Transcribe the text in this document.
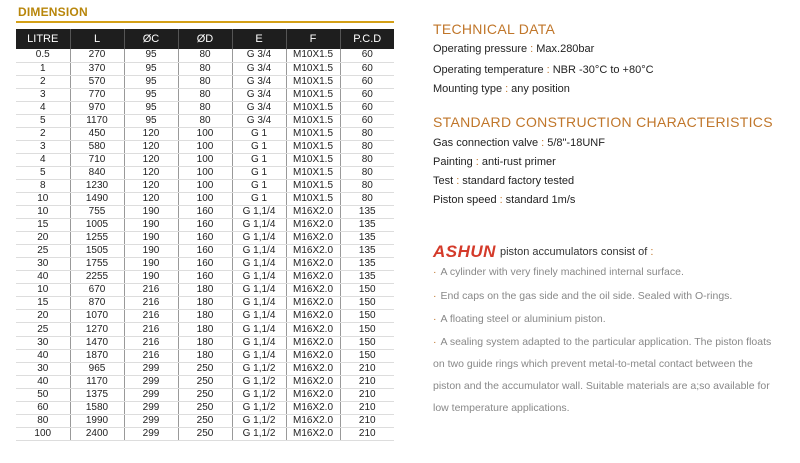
DIMENSION
LITRE	L	ØC	ØD	E	F	P.C.D
0.5	270	95	80	G 3/4	M10X1.5	60
1	370	95	80	G 3/4	M10X1.5	60
2	570	95	80	G 3/4	M10X1.5	60
3	770	95	80	G 3/4	M10X1.5	60
4	970	95	80	G 3/4	M10X1.5	60
5	1170	95	80	G 3/4	M10X1.5	60
2	450	120	100	G 1	M10X1.5	80
3	580	120	100	G 1	M10X1.5	80
4	710	120	100	G 1	M10X1.5	80
5	840	120	100	G 1	M10X1.5	80
8	1230	120	100	G 1	M10X1.5	80
10	1490	120	100	G 1	M10X1.5	80
10	755	190	160	G 1,1/4	M16X2.0	135
15	1005	190	160	G 1,1/4	M16X2.0	135
20	1255	190	160	G 1,1/4	M16X2.0	135
25	1505	190	160	G 1,1/4	M16X2.0	135
30	1755	190	160	G 1,1/4	M16X2.0	135
40	2255	190	160	G 1,1/4	M16X2.0	135
10	670	216	180	G 1,1/4	M16X2.0	150
15	870	216	180	G 1,1/4	M16X2.0	150
20	1070	216	180	G 1,1/4	M16X2.0	150
25	1270	216	180	G 1,1/4	M16X2.0	150
30	1470	216	180	G 1,1/4	M16X2.0	150
40	1870	216	180	G 1,1/4	M16X2.0	150
30	965	299	250	G 1,1/2	M16X2.0	210
40	1170	299	250	G 1,1/2	M16X2.0	210
50	1375	299	250	G 1,1/2	M16X2.0	210
60	1580	299	250	G 1,1/2	M16X2.0	210
80	1990	299	250	G 1,1/2	M16X2.0	210
100	2400	299	250	G 1,1/2	M16X2.0	210
TECHNICAL DATA
Operating pressure : Max.280bar
Operating temperature : NBR -30°C to +80°C
Mounting type : any position
STANDARD CONSTRUCTION CHARACTERISTICS
Gas connection valve : 5/8"-18UNF
Painting : anti-rust primer
Test : standard factory tested
Piston speed : standard 1m/s
ASHUN piston accumulators consist of :
· A cylinder with very finely machined internal surface.
· End caps on the gas side and the oil side. Sealed with O-rings.
· A floating steel or aluminium piston.
· A sealing system adapted to the particular application. The piston floats
on two guide rings which prevent metal-to-metal contact between the
piston and the accumulator wall. Suitable materials are a;so available for
low temperature applications.
